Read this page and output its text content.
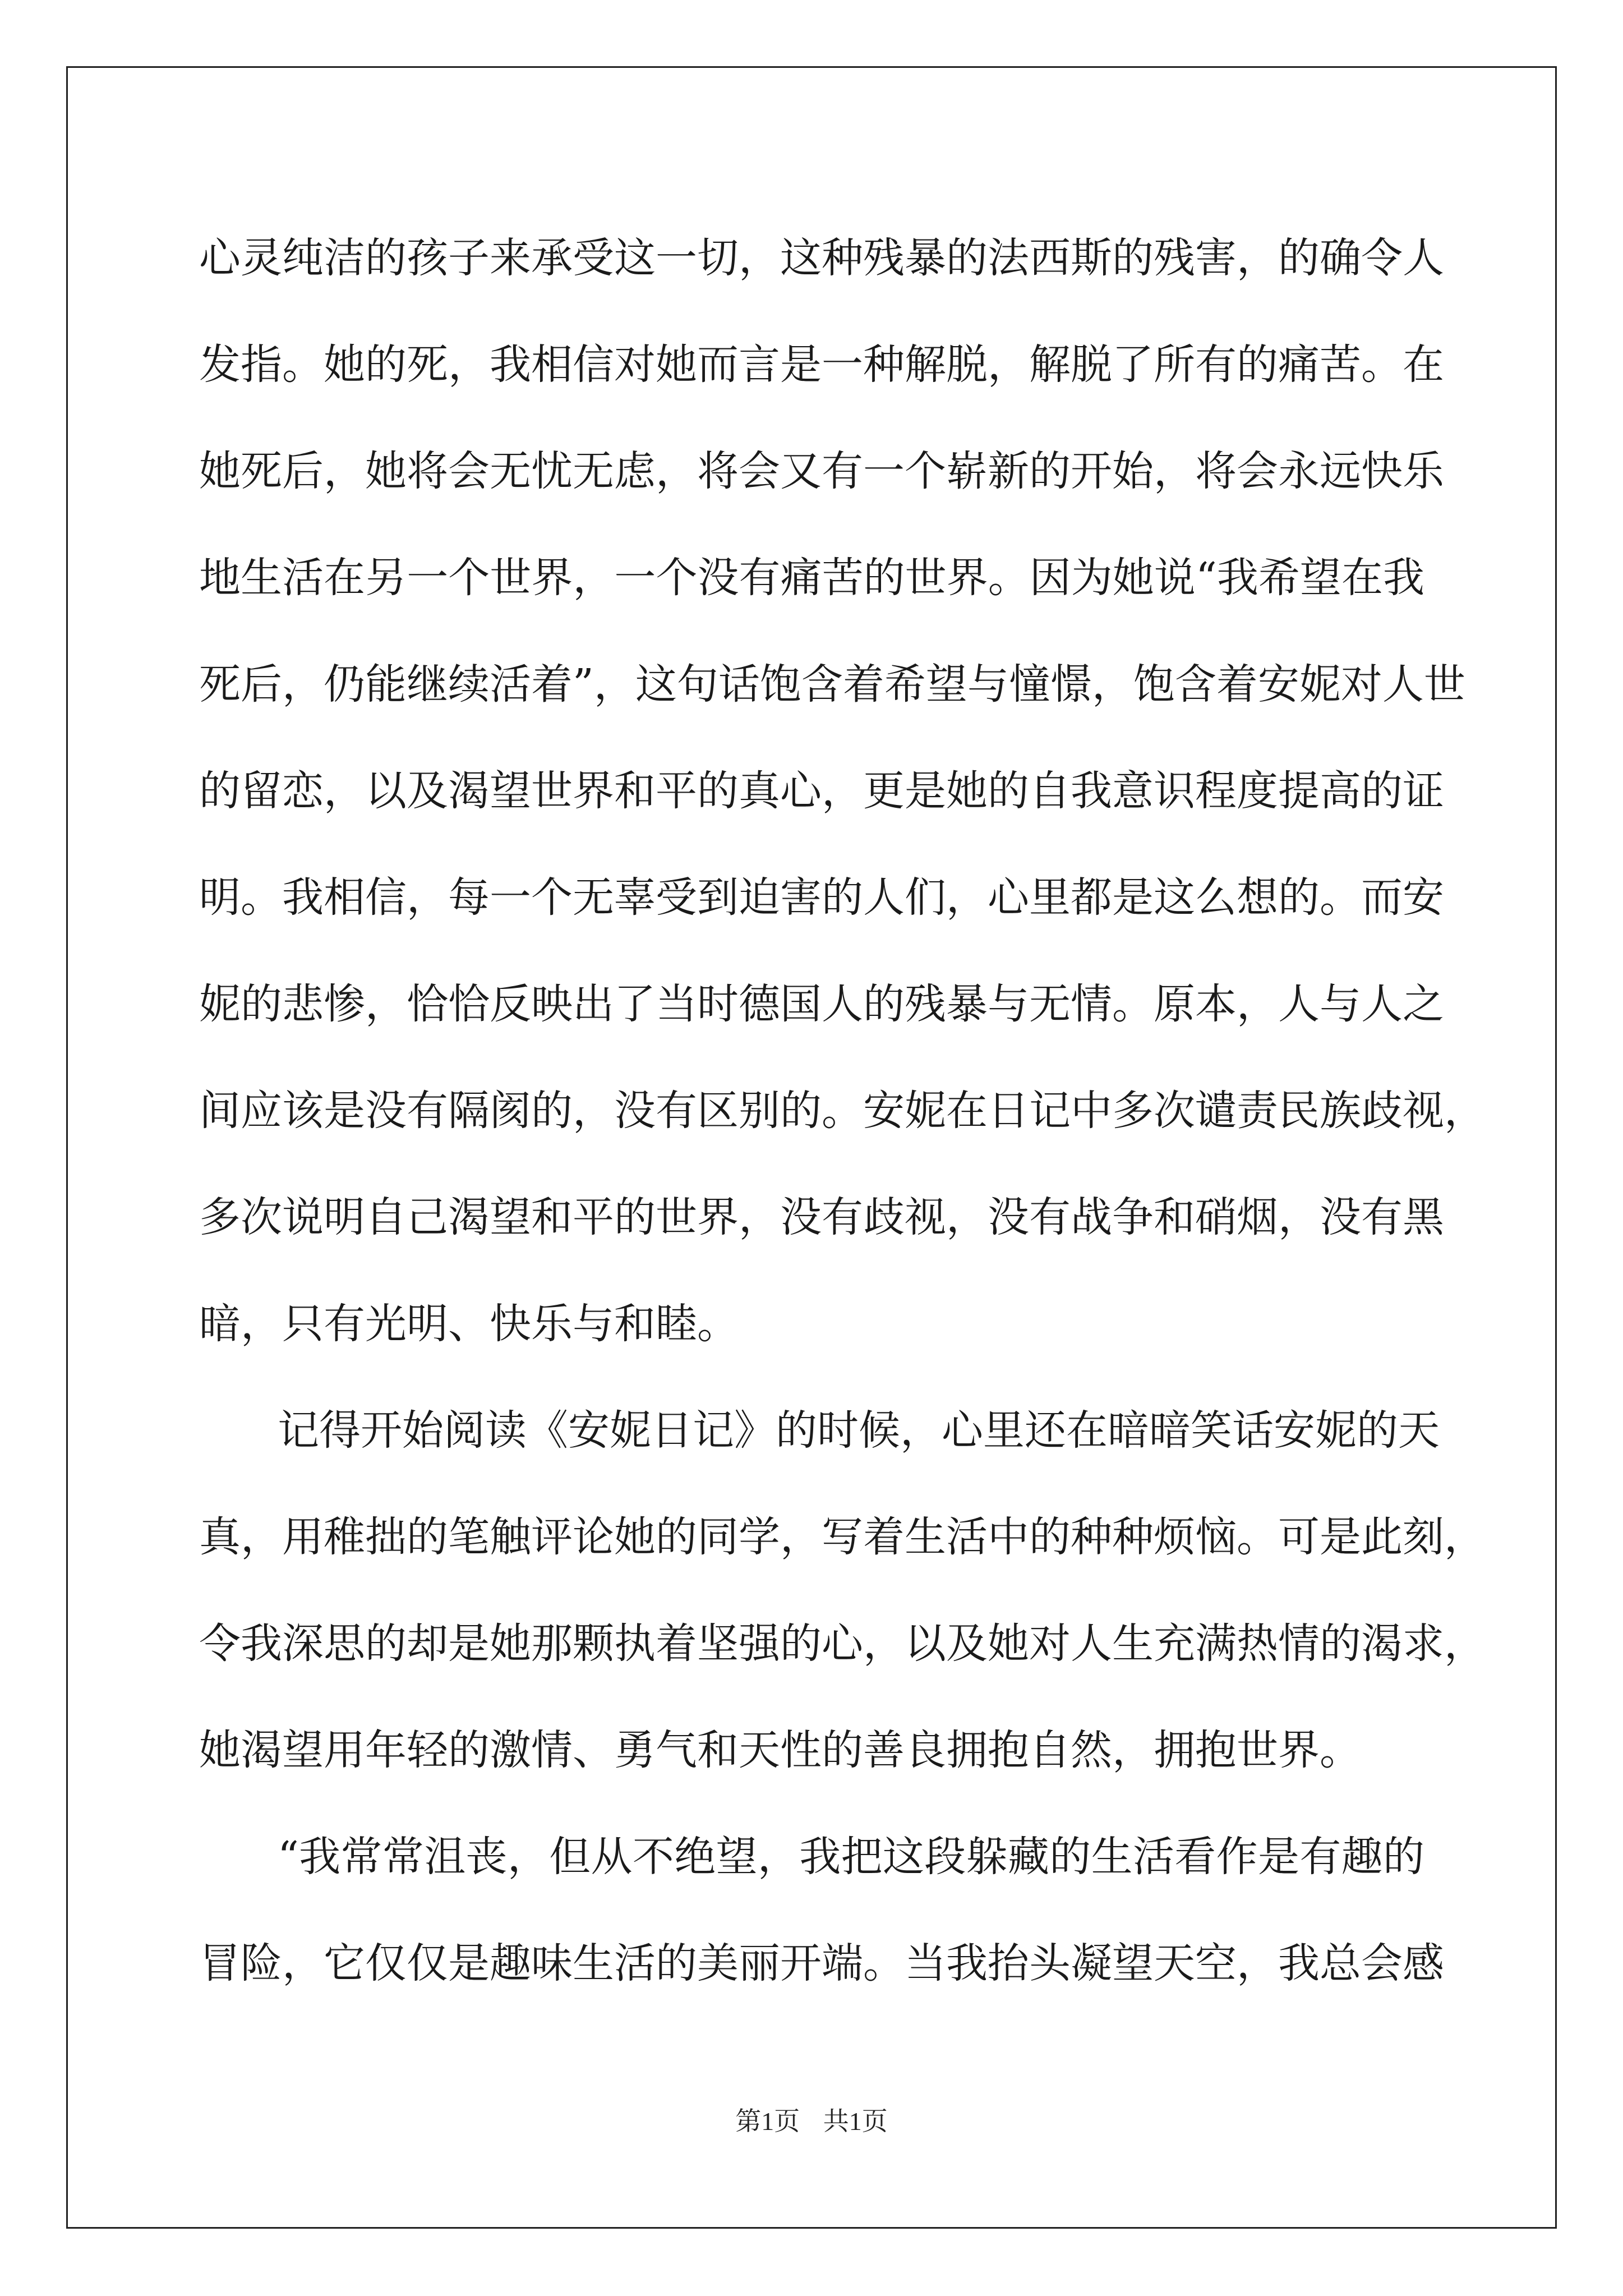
心灵纯洁的孩子来承受这一切，这种残暴的法西斯的残害，的确令人
发指。她的死，我相信对她而言是一种解脱，解脱了所有的痛苦。在
她死后，她将会无忧无虑，将会又有一个崭新的开始，将会永远快乐
地生活在另一个世界，一个没有痛苦的世界。因为她说“我希望在我
死后，仍能继续活着”，这句话饱含着希望与憧憬，饱含着安妮对人世
的留恋，以及渴望世界和平的真心，更是她的自我意识程度提高的证
明。我相信，每一个无辜受到迫害的人们，心里都是这么想的。而安
妮的悲惨，恰恰反映出了当时德国人的残暴与无情。原本，人与人之
间应该是没有隔阂的，没有区别的。安妮在日记中多次谴责民族歧视，
多次说明自己渴望和平的世界，没有歧视，没有战争和硝烟，没有黑
暗，只有光明、快乐与和睦。
记得开始阅读《安妮日记》的时候，心里还在暗暗笑话安妮的天
真，用稚拙的笔触评论她的同学，写着生活中的种种烦恼。可是此刻，
令我深思的却是她那颗执着坚强的心，以及她对人生充满热情的渴求，
她渴望用年轻的激情、勇气和天性的善良拥抱自然，拥抱世界。
“我常常沮丧，但从不绝望，我把这段躲藏的生活看作是有趣的
冒险，它仅仅是趣味生活的美丽开端。当我抬头凝望天空，我总会感
第1页 共1页
